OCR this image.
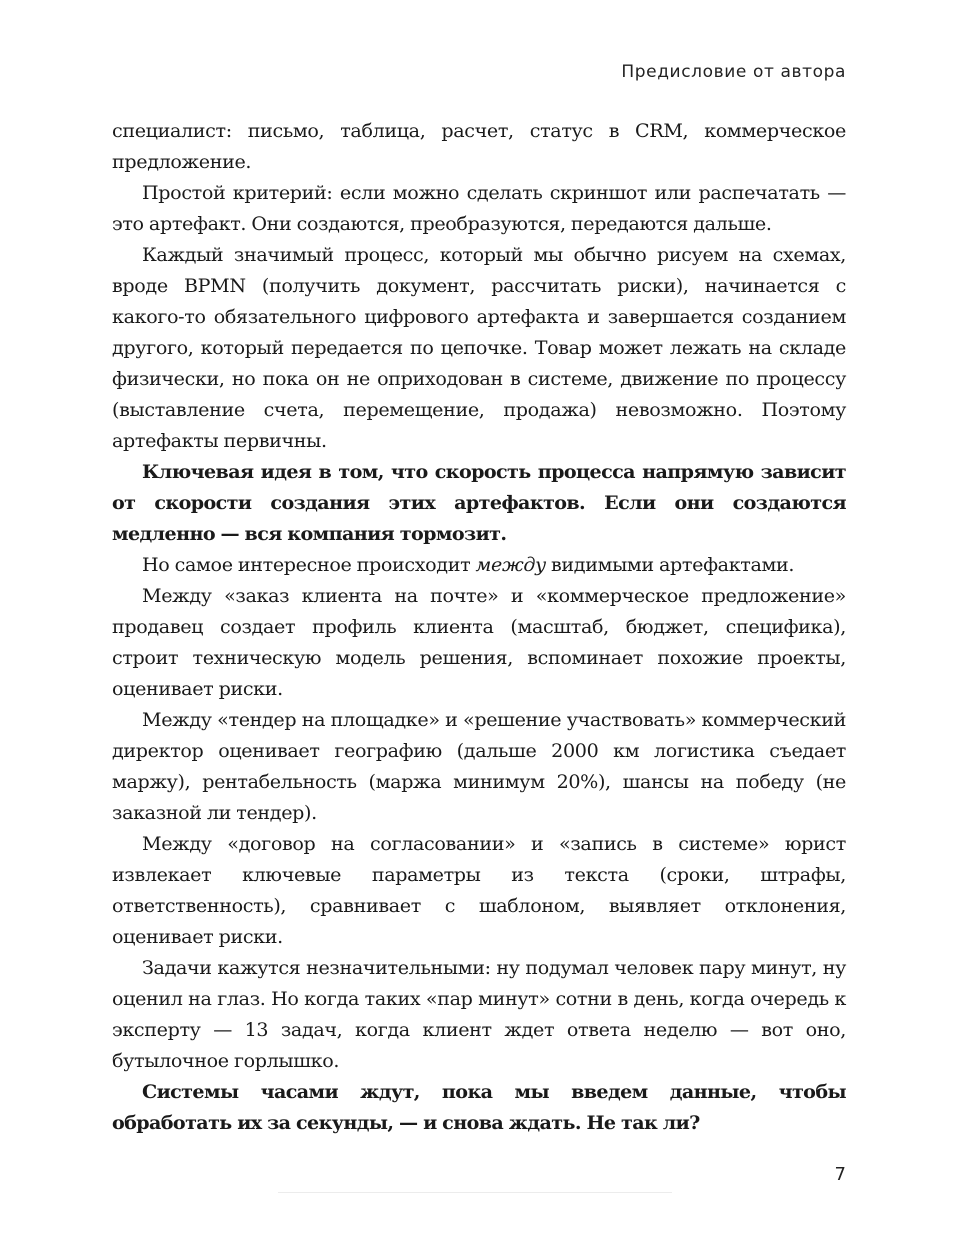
Предисловие от автора

специалист: письмо, таблица, расчет, статус в CRM, коммерческое предложение.

Простой критерий: если можно сделать скриншот или распечатать — это артефакт. Они создаются, преобразуются, передаются дальше.

Каждый значимый процесс, который мы обычно рисуем на схемах, вроде BPMN (получить документ, рассчитать риски), начинается с какого-то обязательного цифрового артефакта и завершается созданием другого, который передается по цепочке. Товар может лежать на складе физически, но пока он не оприходован в системе, движение по процессу (выставление счета, перемещение, продажа) невозможно. Поэтому артефакты первичны.

Ключевая идея в том, что скорость процесса напрямую зависит от скорости создания этих артефактов. Если они создаются медленно — вся компания тормозит.

Но самое интересное происходит между видимыми артефактами.

Между «заказ клиента на почте» и «коммерческое предложение» продавец создает профиль клиента (масштаб, бюджет, специфика), строит техническую модель решения, вспоминает похожие проекты, оценивает риски.

Между «тендер на площадке» и «решение участвовать» коммерческий директор оценивает географию (дальше 2000 км логистика съедает маржу), рентабельность (маржа минимум 20%), шансы на победу (не заказной ли тендер).

Между «договор на согласовании» и «запись в системе» юрист извлекает ключевые параметры из текста (сроки, штрафы, ответственность), сравнивает с шаблоном, выявляет отклонения, оценивает риски.

Задачи кажутся незначительными: ну подумал человек пару минут, ну оценил на глаз. Но когда таких «пар минут» сотни в день, когда очередь к эксперту — 13 задач, когда клиент ждет ответа неделю — вот оно, бутылочное горлышко.

Системы часами ждут, пока мы введем данные, чтобы обработать их за секунды, — и снова ждать. Не так ли?

7
